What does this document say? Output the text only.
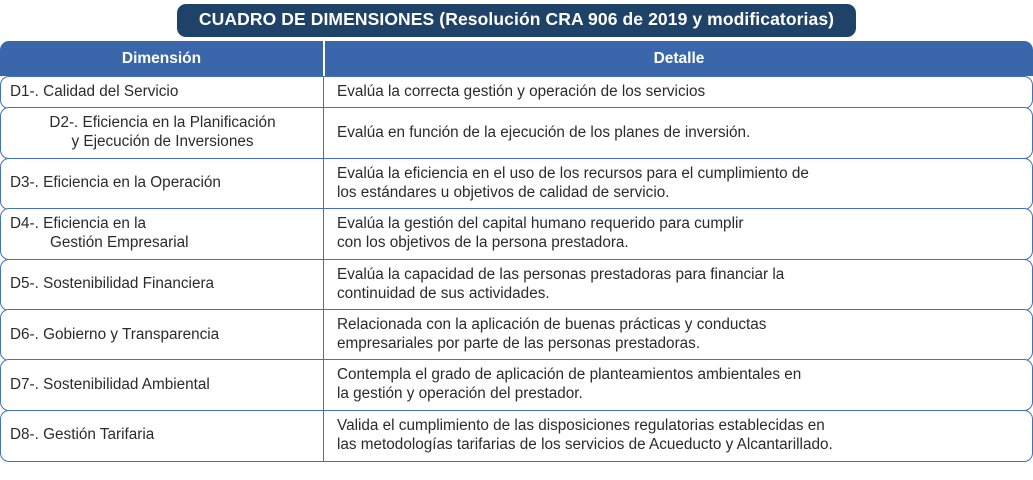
CUADRO DE DIMENSIONES (Resolución CRA 906 de 2019 y modificatorias)
Dimensión	Detalle
D1-. Calidad del Servicio	Evalúa la correcta gestión y operación de los servicios
D2-. Eficiencia en la Planificación
y Ejecución de Inversiones
Evalúa en función de la ejecución de los planes de inversión.
D3-. Eficiencia en la Operación
Evalúa la eficiencia en el uso de los recursos para el cumplimiento de
los estándares u objetivos de calidad de servicio.
D4-. Eficiencia en la
Gestión Empresarial
Evalúa la gestión del capital humano requerido para cumplir
con los objetivos de la persona prestadora.
D5-. Sostenibilidad Financiera
Evalúa la capacidad de las personas prestadoras para financiar la
continuidad de sus actividades.
D6-. Gobierno y Transparencia
Relacionada con la aplicación de buenas prácticas y conductas
empresariales por parte de las personas prestadoras.
D7-. Sostenibilidad Ambiental
Contempla el grado de aplicación de planteamientos ambientales en
la gestión y operación del prestador.
D8-. Gestión Tarifaria
Valida el cumplimiento de las disposiciones regulatorias establecidas en
las metodologías tarifarias de los servicios de Acueducto y Alcantarillado.
